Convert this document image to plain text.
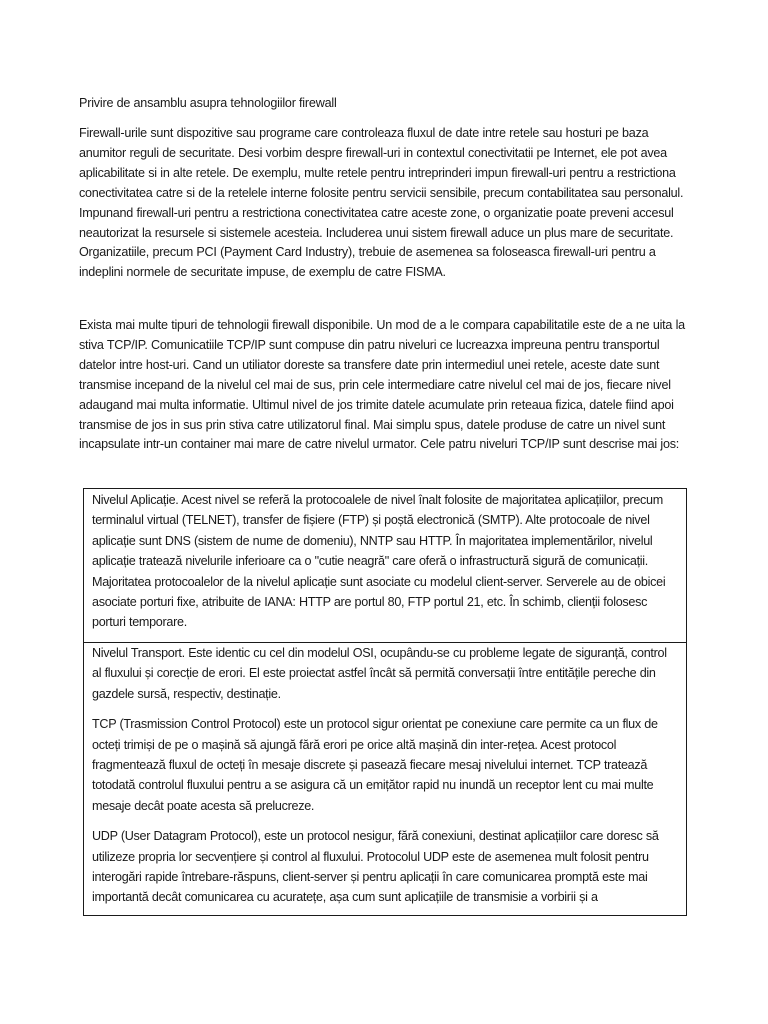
Privire de ansamblu asupra tehnologiilor firewall

Firewall-urile sunt dispozitive sau programe care controleaza fluxul de date intre retele sau hosturi pe baza anumitor reguli de securitate. Desi vorbim despre firewall-uri in contextul conectivitatii pe Internet, ele pot avea aplicabilitate si in alte retele. De exemplu, multe retele pentru intreprinderi impun firewall-uri pentru a restrictiona conectivitatea catre si de la retelele interne folosite pentru servicii sensibile, precum contabilitatea sau personalul. Impunand firewall-uri pentru a restrictiona conectivitatea catre aceste zone, o organizatie poate preveni accesul neautorizat la resursele si sistemele acesteia. Includerea unui sistem firewall aduce un plus mare de securitate. Organizatiile, precum PCI (Payment Card Industry), trebuie de asemenea sa foloseasca firewall-uri pentru a indeplini normele de securitate impuse, de exemplu de catre FISMA.

Exista mai multe tipuri de tehnologii firewall disponibile. Un mod de a le compara capabilitatile este de a ne uita la stiva TCP/IP. Comunicatiile TCP/IP sunt compuse din patru niveluri ce lucreazxa impreuna pentru transportul datelor intre host-uri. Cand un utiliator doreste sa transfere date prin intermediul unei retele, aceste date sunt transmise incepand de la nivelul cel mai de sus, prin cele intermediare catre nivelul cel mai de jos, fiecare nivel adaugand mai multa informatie. Ultimul nivel de jos trimite datele acumulate prin reteaua fizica, datele fiind apoi transmise de jos in sus prin stiva catre utilizatorul final. Mai simplu spus, datele produse de catre un nivel sunt incapsulate intr-un container mai mare de catre nivelul urmator. Cele patru niveluri TCP/IP sunt descrise mai jos:

Nivelul Aplicație. Acest nivel se referă la protocoalele de nivel înalt folosite de majoritatea aplicațiilor, precum terminalul virtual (TELNET), transfer de fișiere (FTP) și poștă electronică (SMTP). Alte protocoale de nivel aplicație sunt DNS (sistem de nume de domeniu), NNTP sau HTTP. În majoritatea implementărilor, nivelul aplicație tratează nivelurile inferioare ca o "cutie neagră" care oferă o infrastructură sigură de comunicații. Majoritatea protocoalelor de la nivelul aplicație sunt asociate cu modelul client-server. Serverele au de obicei asociate porturi fixe, atribuite de IANA: HTTP are portul 80, FTP portul 21, etc. În schimb, clienții folosesc porturi temporare.

Nivelul Transport. Este identic cu cel din modelul OSI, ocupându-se cu probleme legate de siguranță, control al fluxului și corecție de erori. El este proiectat astfel încât să permită conversații între entitățile pereche din gazdele sursă, respectiv, destinație.

TCP (Trasmission Control Protocol) este un protocol sigur orientat pe conexiune care permite ca un flux de octeți trimiși de pe o mașină să ajungă fără erori pe orice altă mașină din inter-rețea. Acest protocol fragmentează fluxul de octeți în mesaje discrete și pasează fiecare mesaj nivelului internet. TCP tratează totodată controlul fluxului pentru a se asigura că un emițător rapid nu inundă un receptor lent cu mai multe mesaje decât poate acesta să prelucreze.

UDP (User Datagram Protocol), este un protocol nesigur, fără conexiuni, destinat aplicațiilor care doresc să utilizeze propria lor secvențiere și control al fluxului. Protocolul UDP este de asemenea mult folosit pentru interogări rapide întrebare-răspuns, client-server și pentru aplicații în care comunicarea promptă este mai importantă decât comunicarea cu acuratețe, așa cum sunt aplicațiile de transmisie a vorbirii și a
